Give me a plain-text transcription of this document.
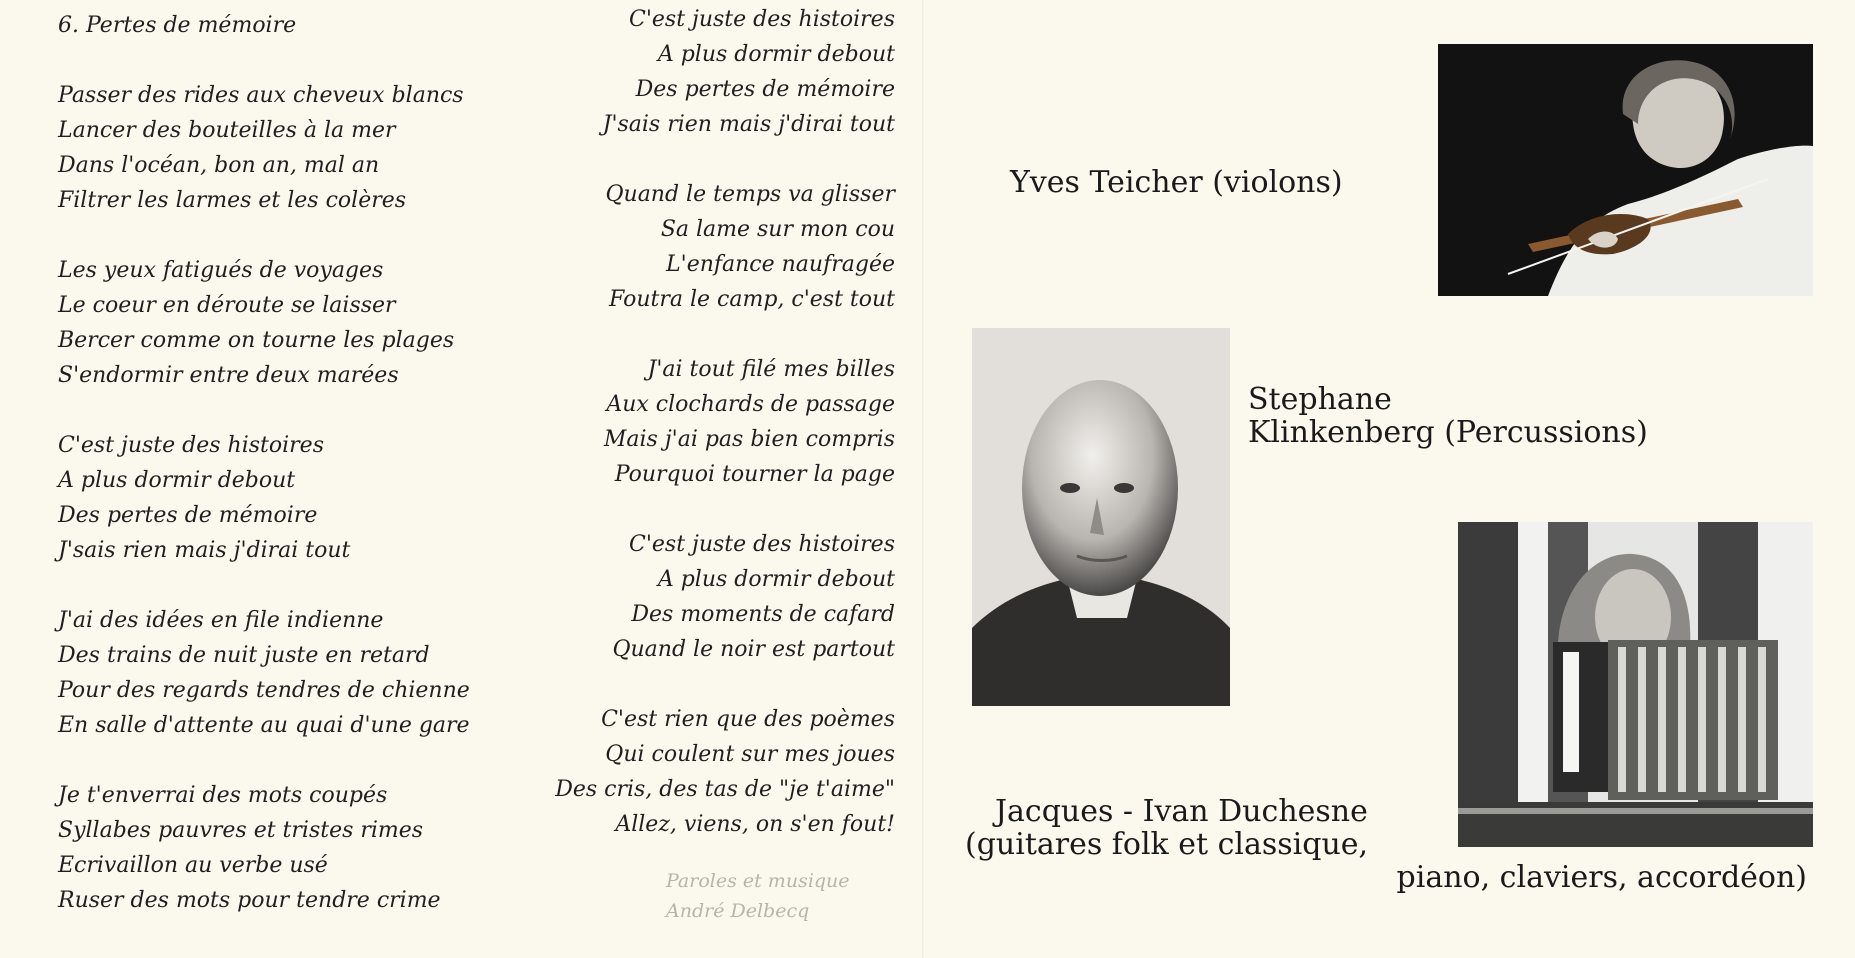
6. Pertes de mémoire
Passer des rides aux cheveux blancs
Lancer des bouteilles à la mer
Dans l'océan, bon an, mal an
Filtrer les larmes et les colères
Les yeux fatigués de voyages
Le coeur en déroute se laisser
Bercer comme on tourne les plages
S'endormir entre deux marées
C'est juste des histoires
A plus dormir debout
Des pertes de mémoire
J'sais rien mais j'dirai tout
J'ai des idées en file indienne
Des trains de nuit juste en retard
Pour des regards tendres de chienne
En salle d'attente au quai d'une gare
Je t'enverrai des mots coupés
Syllabes pauvres et tristes rimes
Ecrivaillon au verbe usé
Ruser des mots pour tendre crime
C'est juste des histoires
A plus dormir debout
Des pertes de mémoire
J'sais rien mais j'dirai tout
Quand le temps va glisser
Sa lame sur mon cou
L'enfance naufragée
Foutra le camp, c'est tout
J'ai tout filé mes billes
Aux clochards de passage
Mais j'ai pas bien compris
Pourquoi tourner la page
C'est juste des histoires
A plus dormir debout
Des moments de cafard
Quand le noir est partout
C'est rien que des poèmes
Qui coulent sur mes joues
Des cris, des tas de "je t'aime"
Allez, viens, on s'en fout!
Paroles et musique
André Delbecq
Yves Teicher (violons)
Stephane
Klinkenberg (Percussions)
Jacques - Ivan Duchesne
(guitares folk et classique,
piano, claviers, accordéon)
